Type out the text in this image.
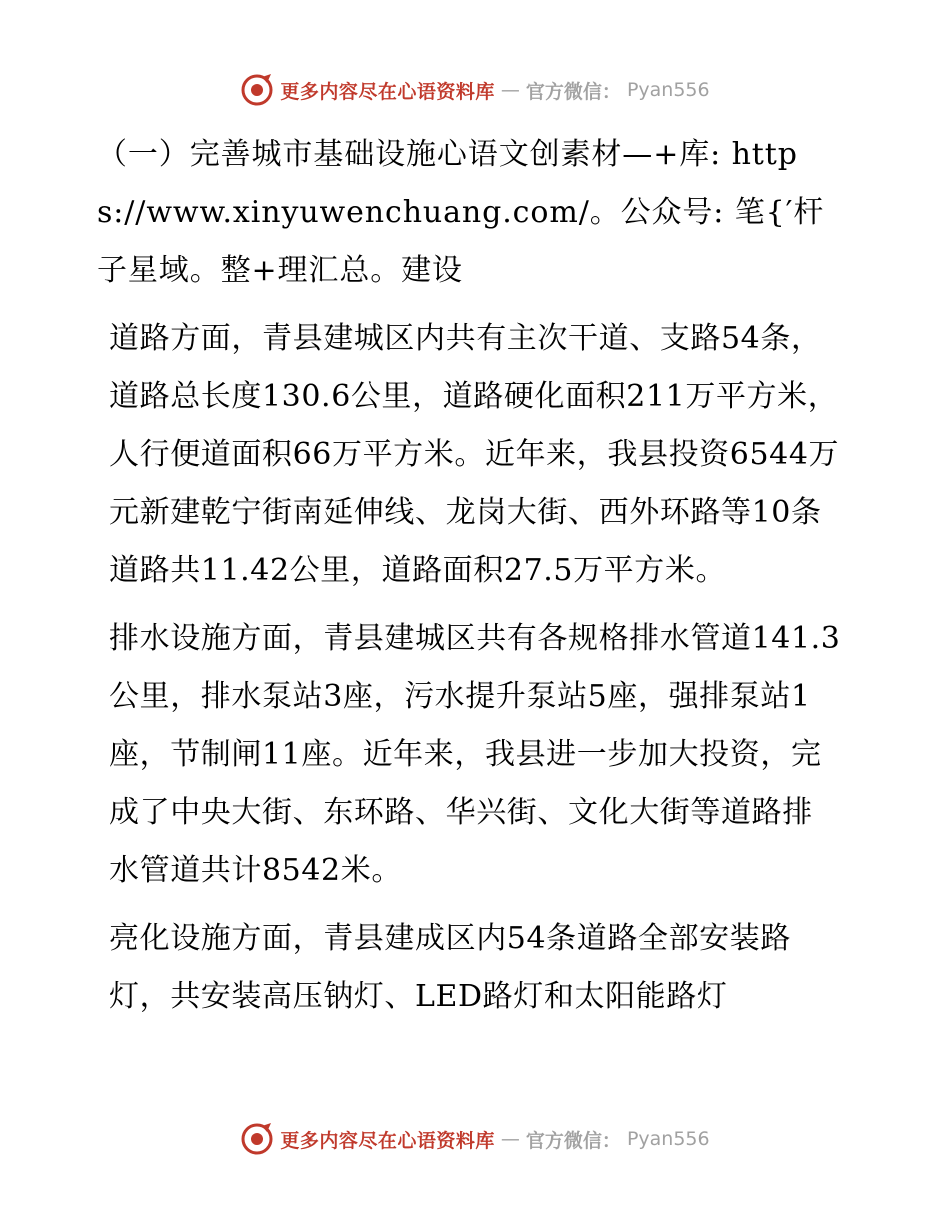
更多内容尽在心语资料库 — 官方微信： Pyan556

（一）完善城市基础设施心语文创素材—+库: https://www.xinyuwenchuang.com/。公众号: 笔{′杆子星域。整+理汇总。建设

道路方面，青县建城区内共有主次干道、支路54条，道路总长度130.6公里，道路硬化面积211万平方米，人行便道面积66万平方米。近年来，我县投资6544万元新建乾宁街南延伸线、龙岗大街、西外环路等10条道路共11.42公里，道路面积27.5万平方米。

排水设施方面，青县建城区共有各规格排水管道141.3公里，排水泵站3座，污水提升泵站5座，强排泵站1座，节制闸11座。近年来，我县进一步加大投资，完成了中央大街、东环路、华兴街、文化大街等道路排水管道共计8542米。

亮化设施方面，青县建成区内54条道路全部安装路灯，共安装高压钠灯、LED路灯和太阳能路灯

更多内容尽在心语资料库 — 官方微信： Pyan556
